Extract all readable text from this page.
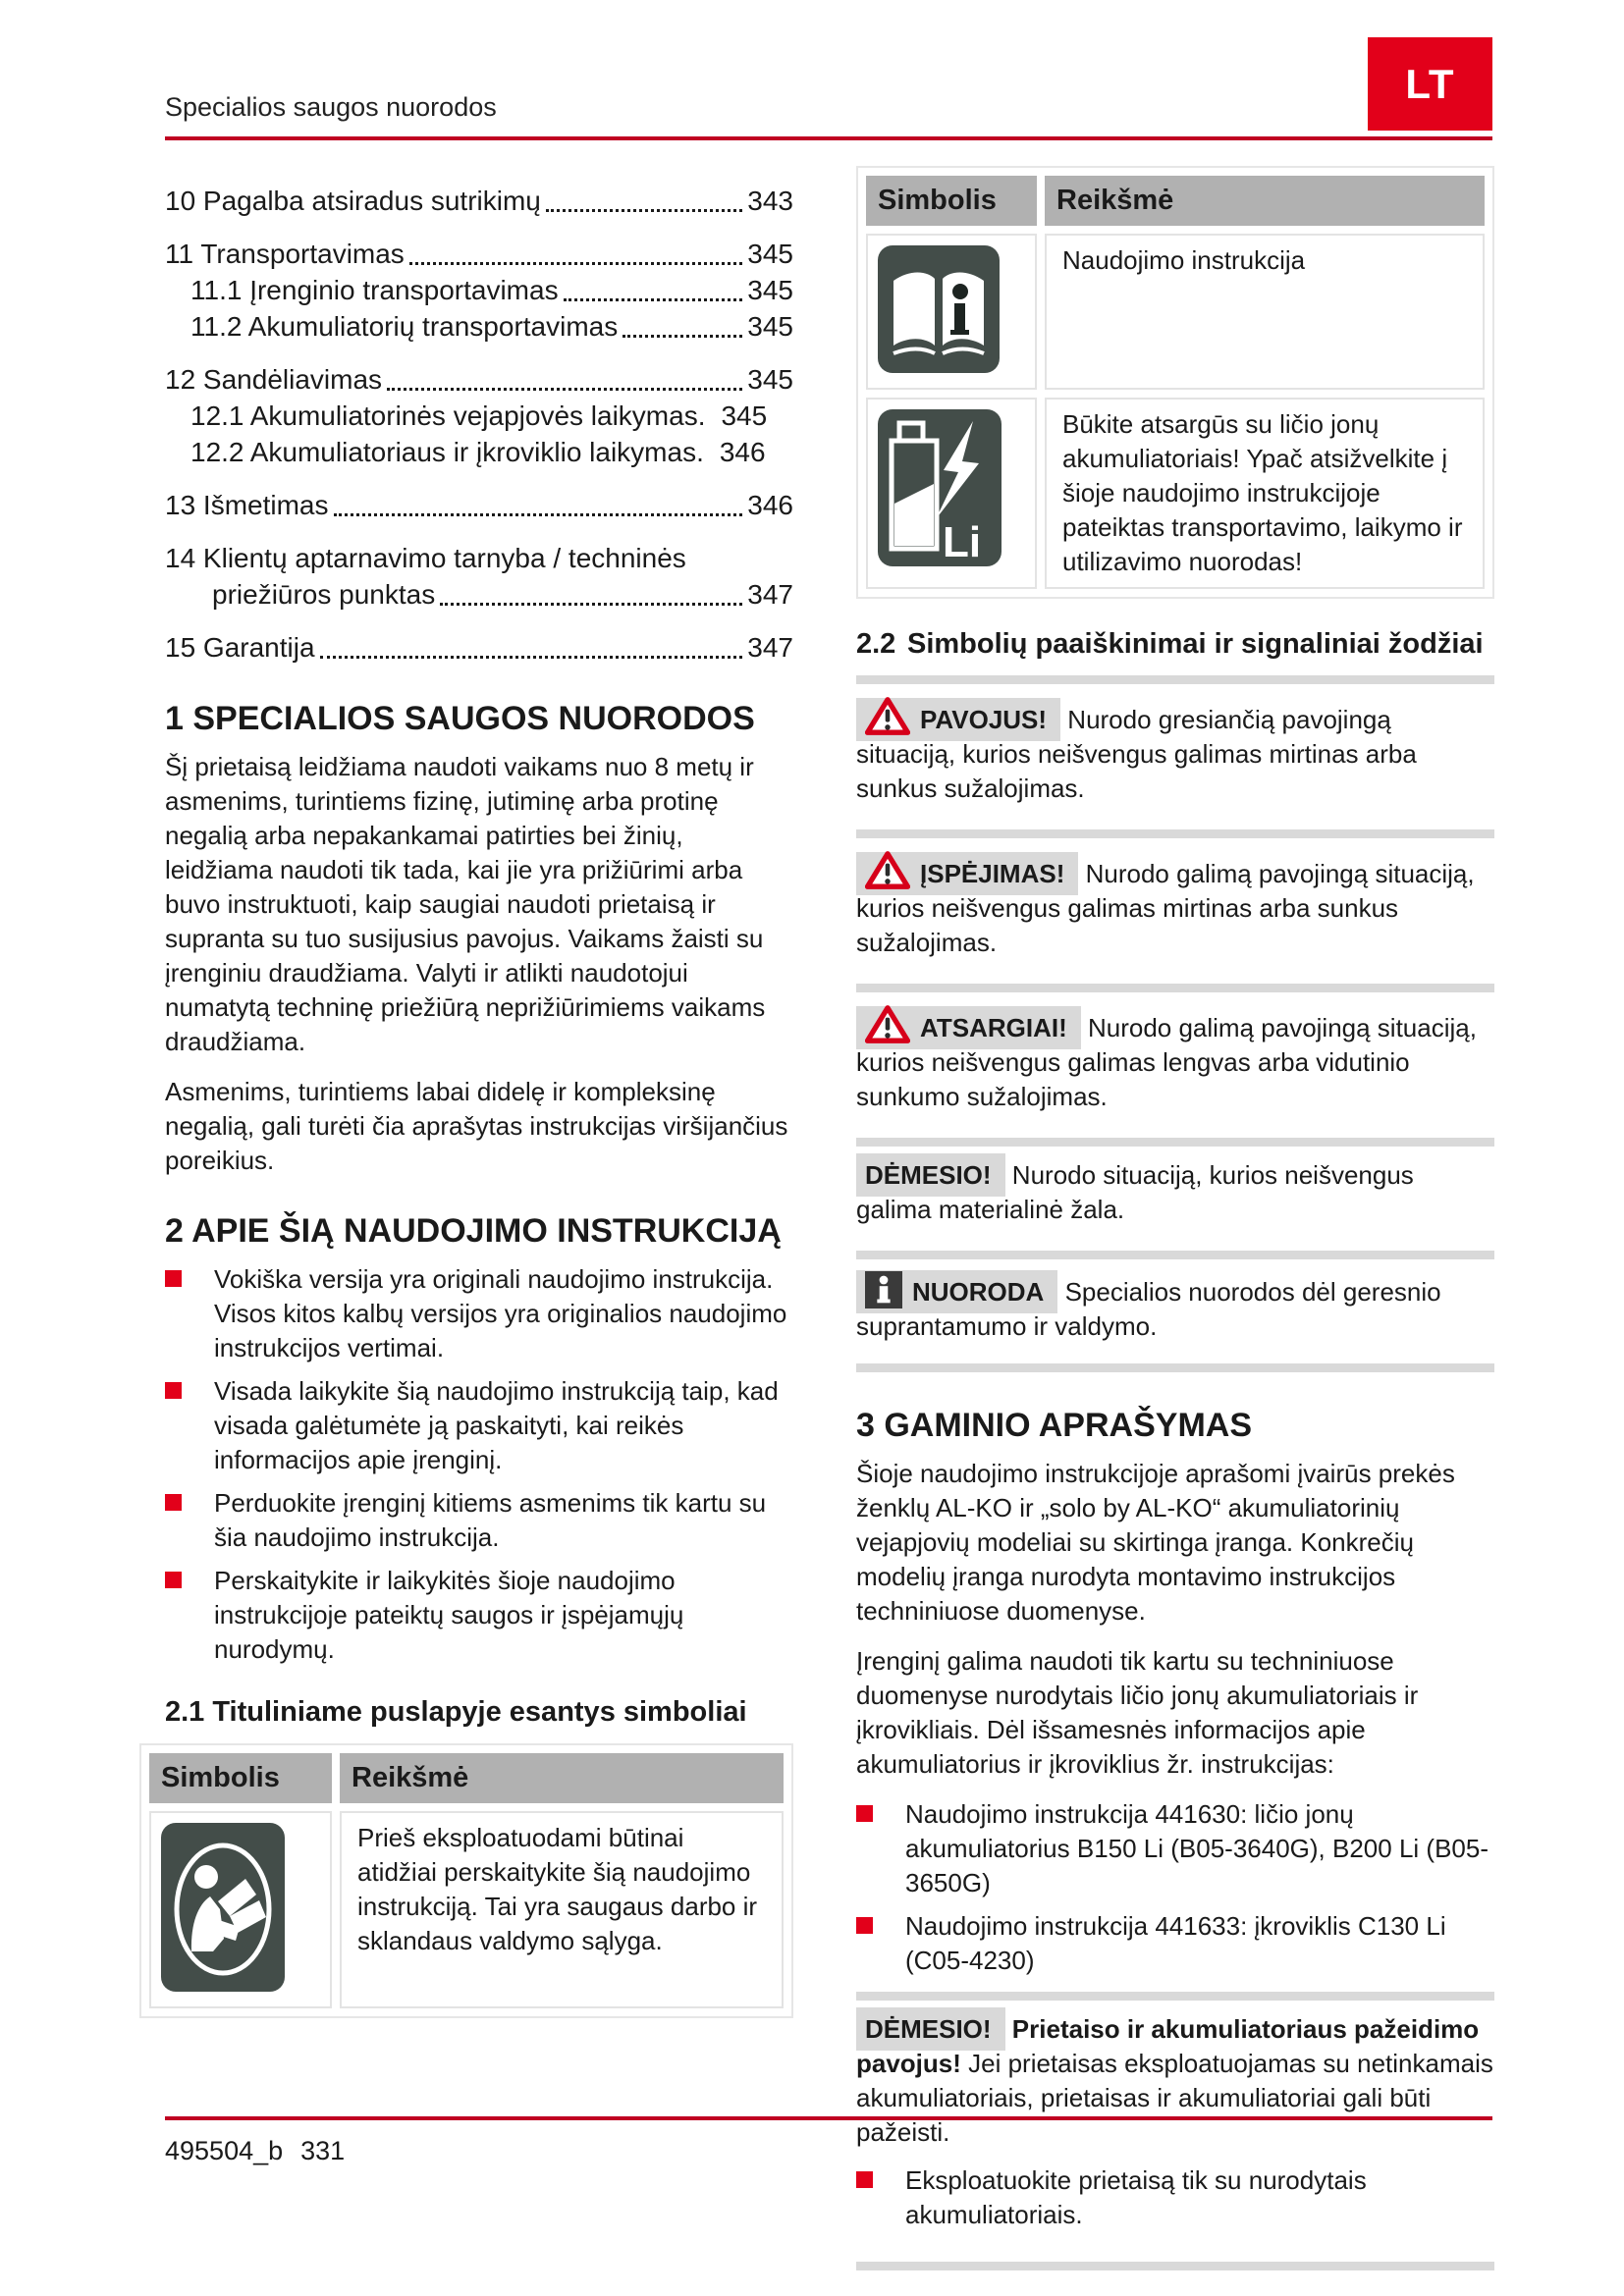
Specialios saugos nuorodos
LT
10 Pagalba atsiradus sutrikimų	343
11 Transportavimas	345
11.1 Įrenginio transportavimas	345
11.2 Akumuliatorių transportavimas	345
12 Sandėliavimas	345
12.1 Akumuliatorinės vejapjovės laikymas. 345
12.2 Akumuliatoriaus ir įkroviklio laikymas. 346
13 Išmetimas	346
14 Klientų aptarnavimo tarnyba / techninės
priežiūros punktas	347
15 Garantija	347
1 SPECIALIOS SAUGOS NUORODOS

Šį prietaisą leidžiama naudoti vaikams nuo 8 metų ir asmenims, turintiems fizinę, jutiminę arba protinę negalią arba nepakankamai patirties bei žinių, leidžiama naudoti tik tada, kai jie yra prižiūrimi arba buvo instruktuoti, kaip saugiai naudoti prietaisą ir supranta su tuo susijusius pavojus. Vaikams žaisti su įrenginiu draudžiama. Valyti ir atlikti naudotojui numatytą techninę priežiūrą neprižiūrimiems vaikams draudžiama.

Asmenims, turintiems labai didelę ir kompleksinę negalią, gali turėti čia aprašytas instrukcijas viršijančius poreikius.

2 APIE ŠIĄ NAUDOJIMO INSTRUKCIJĄ
Vokiška versija yra originali naudojimo instrukcija. Visos kitos kalbų versijos yra originalios naudojimo instrukcijos vertimai.
Visada laikykite šią naudojimo instrukciją taip, kad visada galėtumėte ją paskaityti, kai reikės informacijos apie įrenginį.
Perduokite įrenginį kitiems asmenims tik kartu su šia naudojimo instrukcija.
Perskaitykite ir laikykitės šioje naudojimo instrukcijoje pateiktų saugos ir įspėjamųjų nurodymų.
2.1 Tituliniame puslapyje esantys simboliai
Simbolis	Reikšmė

	Prieš eksploatuodami būtinai atidžiai perskaitykite šią naudojimo instrukciją. Tai yra saugaus darbo ir sklandaus valdymo sąlyga.
Simbolis	Reikšmė

	Naudojimo instrukcija

Li	Būkite atsargūs su ličio jonų akumuliatoriais! Ypač atsižvelkite į šioje naudojimo instrukcijoje pateiktas transportavimo, laikymo ir utilizavimo nuorodas!
2.2 Simbolių paaiškinimai ir signaliniai žodžiai

PAVOJUS! Nurodo gresiančią pavojingą situaciją, kurios neišvengus galimas mirtinas arba sunkus sužalojimas.

ĮSPĖJIMAS! Nurodo galimą pavojingą situaciją, kurios neišvengus galimas mirtinas arba sunkus sužalojimas.

ATSARGIAI! Nurodo galimą pavojingą situaciją, kurios neišvengus galimas lengvas arba vidutinio sunkumo sužalojimas.

DĖMESIO! Nurodo situaciją, kurios neišvengus galima materialinė žala.

NUORODA Specialios nuorodos dėl geresnio suprantamumo ir valdymo.

3 GAMINIO APRAŠYMAS

Šioje naudojimo instrukcijoje aprašomi įvairūs prekės ženklų AL-KO ir „solo by AL-KO“ akumuliatorinių vejapjovių modeliai su skirtinga įranga. Konkrečių modelių įranga nurodyta montavimo instrukcijos techniniuose duomenyse.

Įrenginį galima naudoti tik kartu su techniniuose duomenyse nurodytais ličio jonų akumuliatoriais ir įkrovikliais. Dėl išsamesnės informacijos apie akumuliatorius ir įkroviklius žr. instrukcijas:

Naudojimo instrukcija 441630: ličio jonų akumuliatorius B150 Li (B05-3640G), B200 Li (B05-3650G)
Naudojimo instrukcija 441633: įkroviklis C130 Li (C05-4230)

DĖMESIO! Prietaiso ir akumuliatoriaus pažeidimo pavojus! Jei prietaisas eksploatuojamas su netinkamais akumuliatoriais, prietaisas ir akumuliatoriai gali būti pažeisti.

Eksploatuokite prietaisą tik su nurodytais akumuliatoriais.
495504_b 331
